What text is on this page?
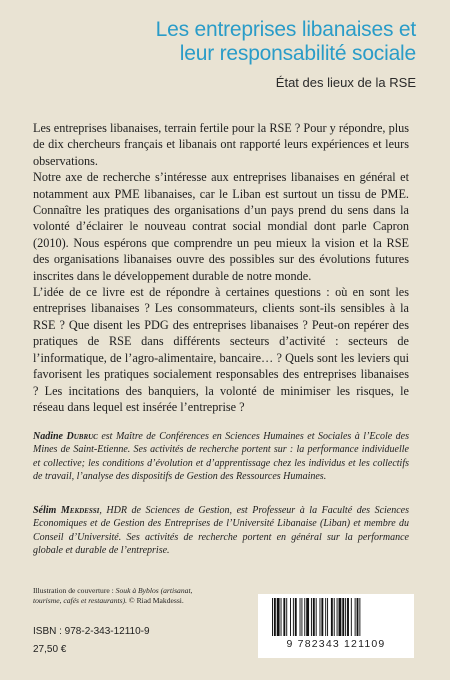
Les entreprises libanaises et
leur responsabilité sociale
État des lieux de la RSE

Les entreprises libanaises, terrain fertile pour la RSE ? Pour y répondre, plus de dix chercheurs français et libanais ont rapporté leurs expériences et leurs observations.

Notre axe de recherche s’intéresse aux entreprises libanaises en général et notamment aux PME libanaises, car le Liban est surtout un tissu de PME. Connaître les pratiques des organisations d’un pays prend du sens dans la volonté d’éclairer le nouveau contrat social mondial dont parle Capron (2010). Nous espérons que comprendre un peu mieux la vision et la RSE des organisations libanaises ouvre des possibles sur des évolutions futures inscrites dans le développement durable de notre monde.

L’idée de ce livre est de répondre à certaines questions : où en sont les entreprises libanaises ? Les consommateurs, clients sont-ils sensibles à la RSE ? Que disent les PDG des entreprises libanaises ? Peut-on repérer des pratiques de RSE dans différents secteurs d’activité : secteurs de l’informatique, de l’agro-alimentaire, bancaire… ? Quels sont les leviers qui favorisent les pratiques socialement responsables des entreprises libanaises ? Les incitations des banquiers, la volonté de minimiser les risques, le réseau dans lequel est insérée l’entreprise ?

Nadine Dubruc est Maître de Conférences en Sciences Humaines et Sociales à l’Ecole des Mines de Saint-Etienne. Ses activités de recherche portent sur : la performance individuelle et collective; les conditions d’évolution et d’apprentissage chez les individus et les collectifs de travail, l’analyse des dispositifs de Gestion des Ressources Humaines.
Sélim Mekdessi, HDR de Sciences de Gestion, est Professeur à la Faculté des Sciences Economiques et de Gestion des Entreprises de l’Université Libanaise (Liban) et membre du Conseil d’Université. Ses activités de recherche portent en général sur la performance globale et durable de l’entreprise.
Illustration de couverture : Souk à Byblos (artisanat, tourisme, cafés et restaurants). © Riad Makdessi.
ISBN : 978-2-343-12110-9
27,50 €	9 782343 121109
